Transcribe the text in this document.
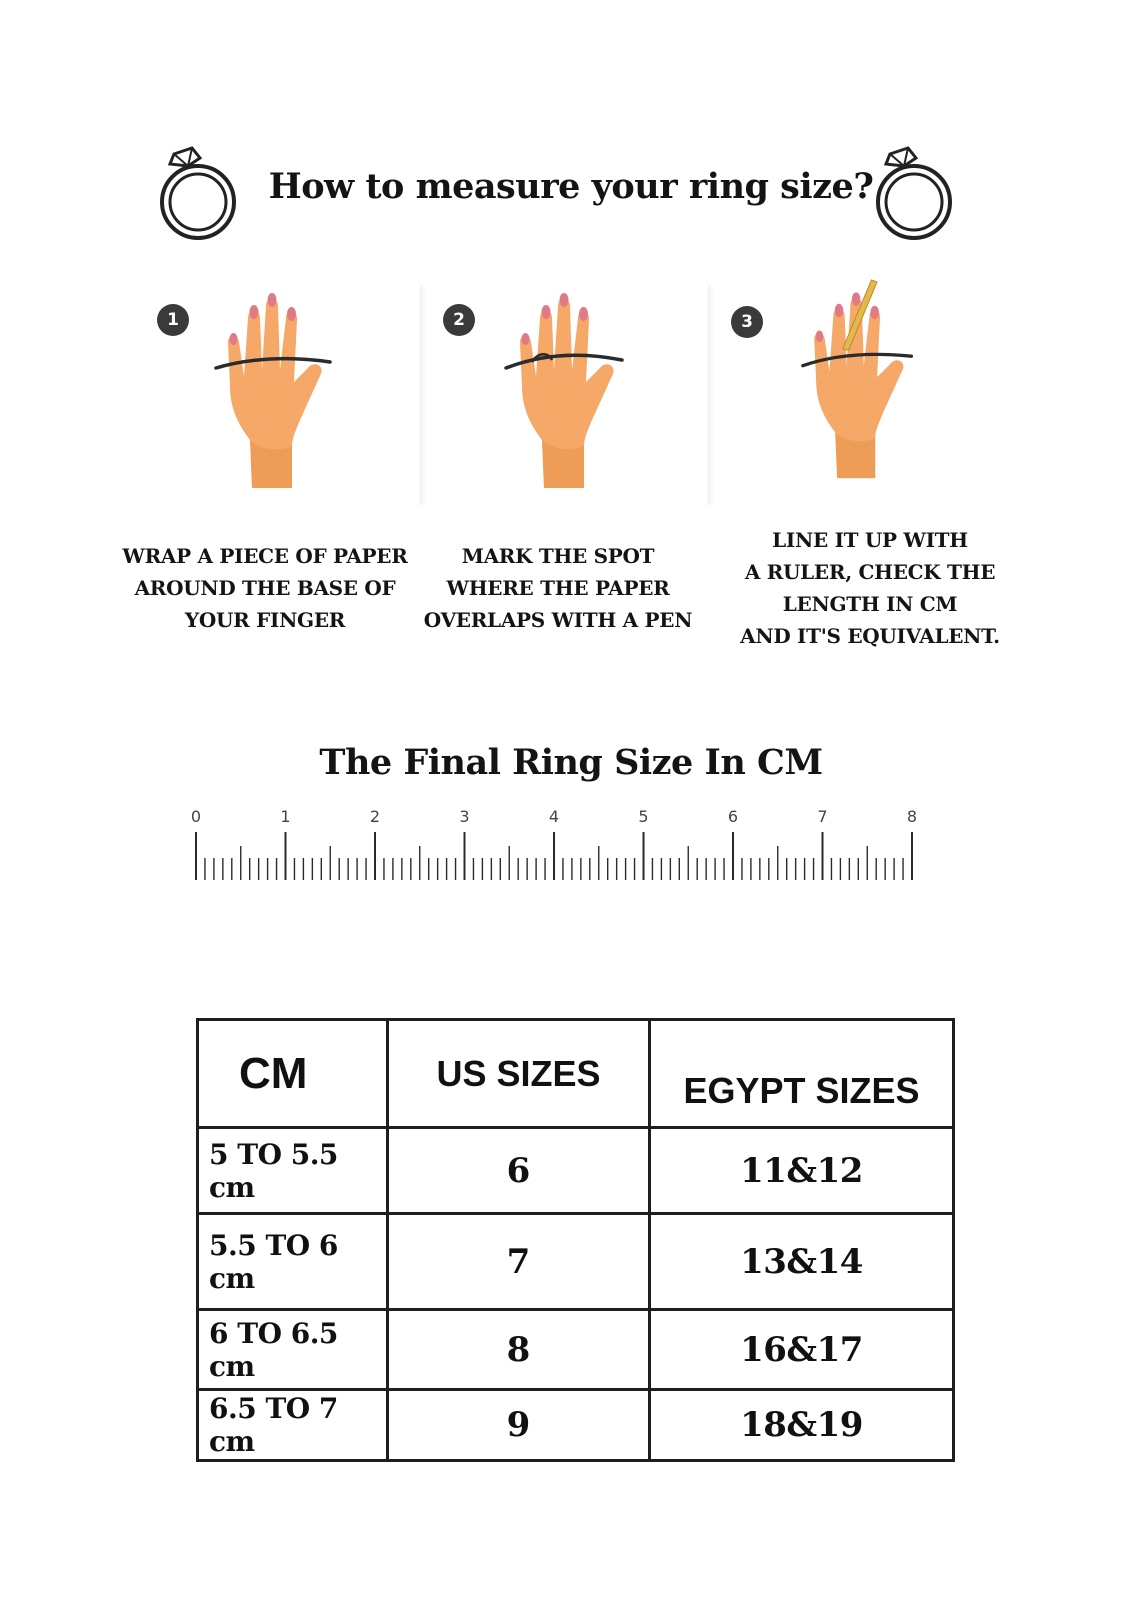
How to measure your ring size?
1	2	3
WRAP A PIECE OF PAPER
AROUND THE BASE OF
YOUR FINGER
MARK THE SPOT
WHERE THE PAPER
OVERLAPS WITH A PEN
LINE IT UP WITH
A RULER, CHECK THE
LENGTH IN CM
AND IT'S EQUIVALENT.
The Final Ring Size In CM
0	1	2	3	4	5	6	7	8
CM	US SIZES	EGYPT SIZES
5 TO 5.5 cm	6	11&12
5.5 TO 6 cm	7	13&14
6 TO 6.5 cm	8	16&17
6.5 TO 7 cm	9	18&19
